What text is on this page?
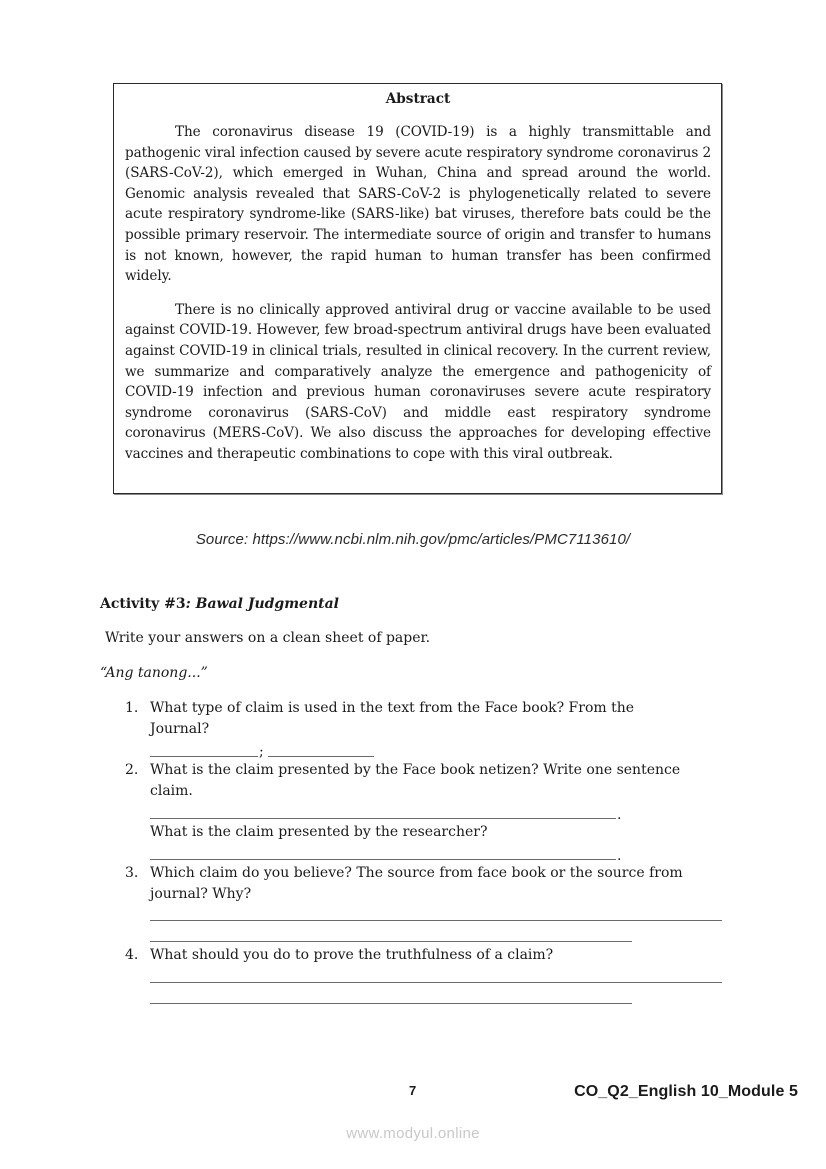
Abstract

The coronavirus disease 19 (COVID-19) is a highly transmittable and pathogenic viral infection caused by severe acute respiratory syndrome coronavirus 2 (SARS-CoV-2), which emerged in Wuhan, China and spread around the world. Genomic analysis revealed that SARS-CoV-2 is phylogenetically related to severe acute respiratory syndrome-like (SARS-like) bat viruses, therefore bats could be the possible primary reservoir. The intermediate source of origin and transfer to humans is not known, however, the rapid human to human transfer has been confirmed widely.

There is no clinically approved antiviral drug or vaccine available to be used against COVID-19. However, few broad-spectrum antiviral drugs have been evaluated against COVID-19 in clinical trials, resulted in clinical recovery. In the current review, we summarize and comparatively analyze the emergence and pathogenicity of COVID-19 infection and previous human coronaviruses severe acute respiratory syndrome coronavirus (SARS-CoV) and middle east respiratory syndrome coronavirus (MERS-CoV). We also discuss the approaches for developing effective vaccines and therapeutic combinations to cope with this viral outbreak.

Source: https://www.ncbi.nlm.nih.gov/pmc/articles/PMC7113610/
Activity #3: Bawal Judgmental
Write your answers on a clean sheet of paper.
“Ang tanong...”
1. What type of claim is used in the text from the Face book? From the Journal?
;
2. What is the claim presented by the Face book netizen? Write one sentence claim.
.
What is the claim presented by the researcher?
.
3. Which claim do you believe? The source from face book or the source from journal? Why?
4. What should you do to prove the truthfulness of a claim?
7	CO_Q2_English 10_Module 5
www.modyul.online
